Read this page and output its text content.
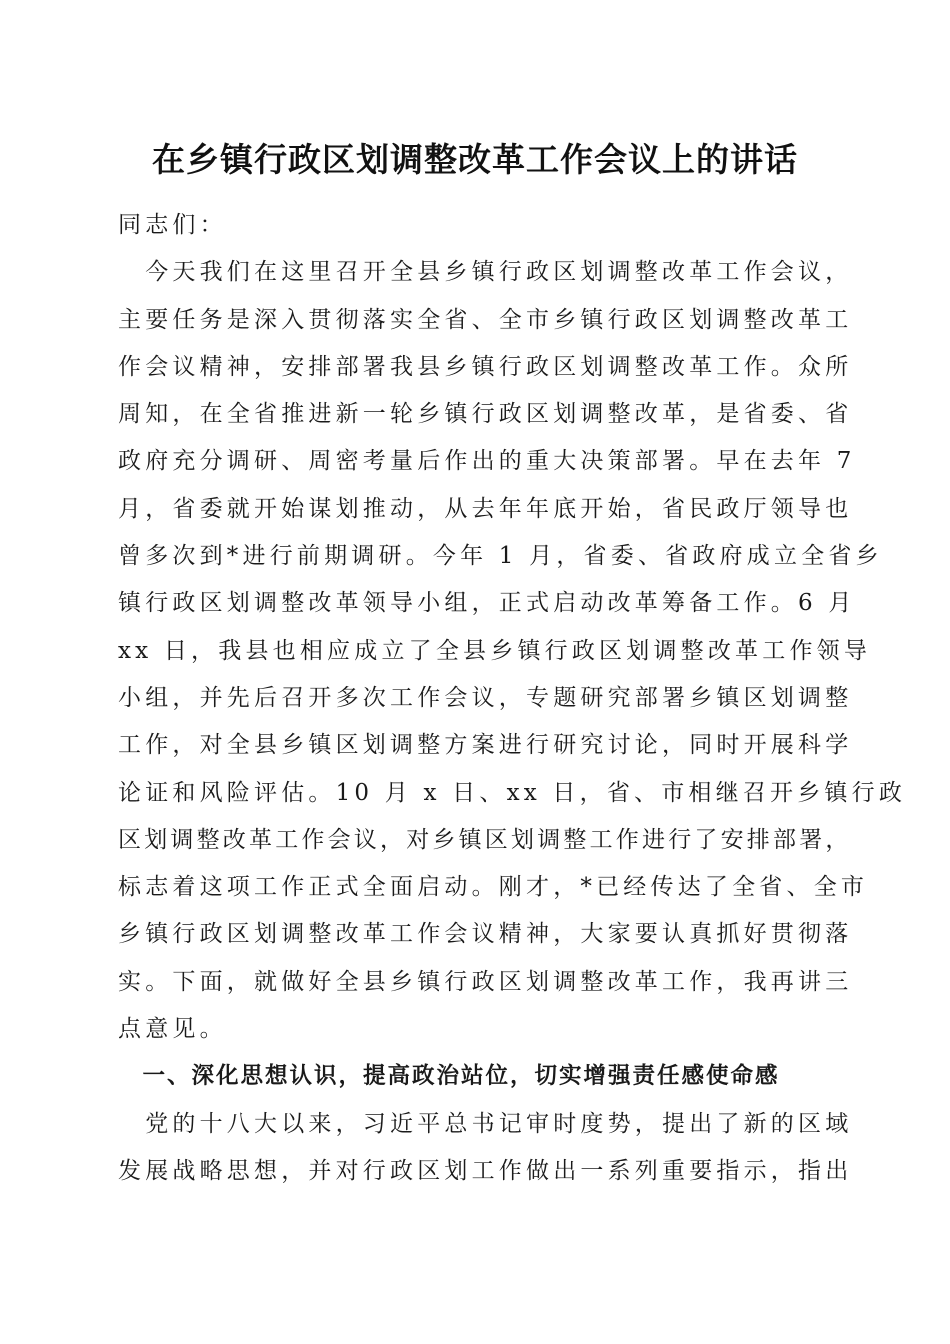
在乡镇行政区划调整改革工作会议上的讲话
同志们：
　今天我们在这里召开全县乡镇行政区划调整改革工作会议，
主要任务是深入贯彻落实全省、全市乡镇行政区划调整改革工
作会议精神，安排部署我县乡镇行政区划调整改革工作。众所
周知，在全省推进新一轮乡镇行政区划调整改革，是省委、省
政府充分调研、周密考量后作出的重大决策部署。早在去年 7
月，省委就开始谋划推动，从去年年底开始，省民政厅领导也
曾多次到*进行前期调研。今年 1 月，省委、省政府成立全省乡
镇行政区划调整改革领导小组，正式启动改革筹备工作。6 月
xx 日，我县也相应成立了全县乡镇行政区划调整改革工作领导
小组，并先后召开多次工作会议，专题研究部署乡镇区划调整
工作，对全县乡镇区划调整方案进行研究讨论，同时开展科学
论证和风险评估。10 月 x 日、xx 日，省、市相继召开乡镇行政
区划调整改革工作会议，对乡镇区划调整工作进行了安排部署，
标志着这项工作正式全面启动。刚才，*已经传达了全省、全市
乡镇行政区划调整改革工作会议精神，大家要认真抓好贯彻落
实。下面，就做好全县乡镇行政区划调整改革工作，我再讲三
点意见。
　一、深化思想认识，提高政治站位，切实增强责任感使命感
　党的十八大以来，习近平总书记审时度势，提出了新的区域
发展战略思想，并对行政区划工作做出一系列重要指示，指出
